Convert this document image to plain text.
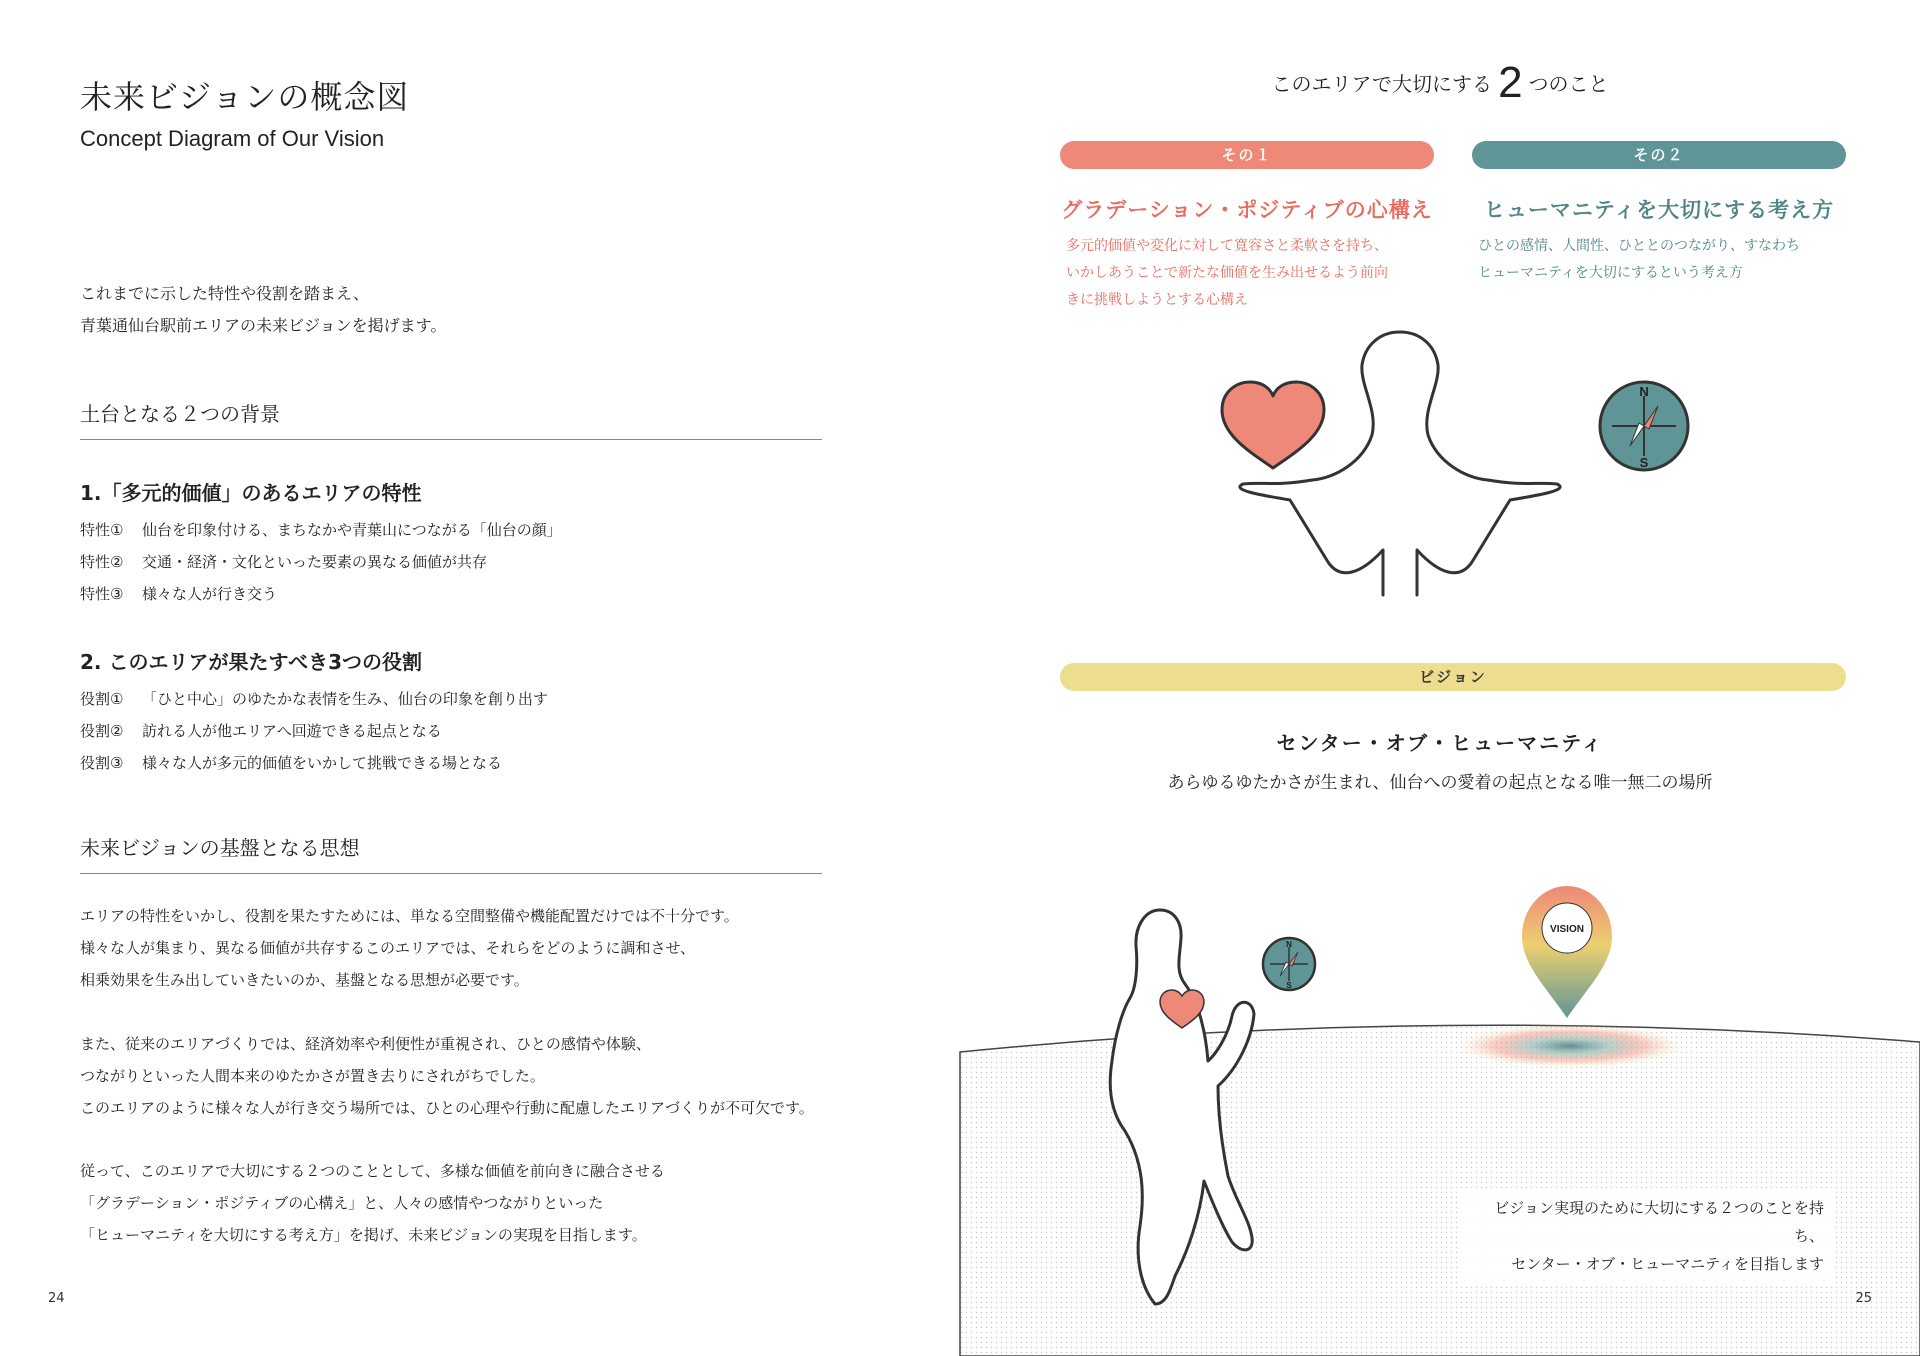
未来ビジョンの概念図
Concept Diagram of Our Vision
これまでに示した特性や役割を踏まえ、
青葉通仙台駅前エリアの未来ビジョンを掲げます。
土台となる２つの背景
1.「多元的価値」のあるエリアの特性
特性①	仙台を印象付ける、まちなかや青葉山につながる「仙台の顔」
特性②	交通・経済・文化といった要素の異なる価値が共存
特性③	様々な人が行き交う
2. このエリアが果たすべき3つの役割
役割①	「ひと中心」のゆたかな表情を生み、仙台の印象を創り出す
役割②	訪れる人が他エリアへ回遊できる起点となる
役割③	様々な人が多元的価値をいかして挑戦できる場となる
未来ビジョンの基盤となる思想
エリアの特性をいかし、役割を果たすためには、単なる空間整備や機能配置だけでは不十分です。
様々な人が集まり、異なる価値が共存するこのエリアでは、それらをどのように調和させ、
相乗効果を生み出していきたいのか、基盤となる思想が必要です。
また、従来のエリアづくりでは、経済効率や利便性が重視され、ひとの感情や体験、
つながりといった人間本来のゆたかさが置き去りにされがちでした。
このエリアのように様々な人が行き交う場所では、ひとの心理や行動に配慮したエリアづくりが不可欠です。
従って、このエリアで大切にする２つのこととして、多様な価値を前向きに融合させる
「グラデーション・ポジティブの心構え」と、人々の感情やつながりといった
「ヒューマニティを大切にする考え方」を掲げ、未来ビジョンの実現を目指します。
24
このエリアで大切にする 2 つのこと
その１	その２
グラデーション・ポジティブの心構え	ヒューマニティを大切にする考え方
多元的価値や変化に対して寛容さと柔軟さを持ち、
いかしあうことで新たな価値を生み出せるよう前向
きに挑戦しようとする心構え
ひとの感情、人間性、ひととのつながり、すなわち
ヒューマニティを大切にするという考え方
N
S
ビジョン
センター・オブ・ヒューマニティ
あらゆるゆたかさが生まれ、仙台への愛着の起点となる唯一無二の場所
VISION
N
S
ビジョン実現のために大切にする２つのことを持ち、
センター・オブ・ヒューマニティを目指します
25
